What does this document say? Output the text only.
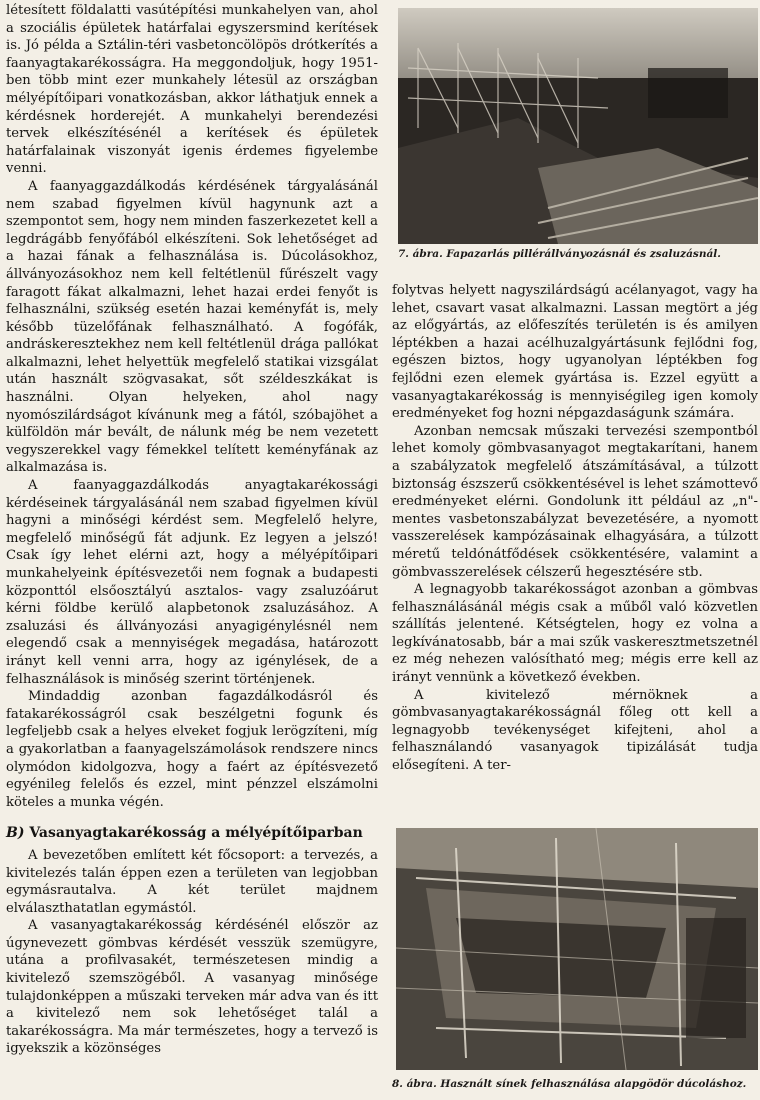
létesített földalatti vasútépítési munkahelyen van, ahol a szociális épületek határfalai egyszersmind kerítések is. Jó példa a Sztálin-téri vasbetoncölöpös drótkerítés a faanyagtakarékosságra. Ha meggondoljuk, hogy 1951-ben több mint ezer munkahely létesül az országban mélyépítőipari vonatkozásban, akkor láthatjuk ennek a kérdésnek horderejét. A munkahelyi berendezési tervek elkészítésénél a kerítések és épületek határfalainak viszonyát igenis érdemes figyelembe venni.

A faanyaggazdálkodás kérdésének tárgyalásánál nem szabad figyelmen kívül hagynunk azt a szempontot sem, hogy nem minden faszerkezetet kell a legdrágább fenyőfából elkészíteni. Sok lehetőséget ad a hazai fának a felhasználása is. Dúcolásokhoz, állványozásokhoz nem kell feltétlenül fűrészelt vagy faragott fákat alkalmazni, lehet hazai erdei fenyőt is felhasználni, szükség esetén hazai keményfát is, mely később tüzelőfának felhasználható. A fogófák, andráskeresztekhez nem kell feltétlenül drága pallókat alkalmazni, lehet helyettük megfelelő statikai vizsgálat után használt szögvasakat, sőt széldeszkákat is használni. Olyan helyeken, ahol nagy nyomószilárdságot kívánunk meg a fától, szóbajöhet a külföldön már bevált, de nálunk még be nem vezetett vegyszerekkel vagy fémekkel telített keményfának az alkalmazása is.

A faanyaggazdálkodás anyagtakarékossági kérdéseinek tárgyalásánál nem szabad figyelmen kívül hagyni a minőségi kérdést sem. Megfelelő helyre, megfelelő minőségű fát adjunk. Ez legyen a jelszó! Csak így lehet elérni azt, hogy a mélyépítőipari munkahelyeink építésvezetői nem fognak a budapesti központtól elsőosztályú asztalos- vagy zsaluzóárut kérni földbe kerülő alapbetonok zsaluzásához. A zsaluzási és állványozási anyagigénylésnél nem elegendő csak a mennyiségek megadása, határozott irányt kell venni arra, hogy az igénylések, de a felhasználások is minőség szerint történjenek.

Mindaddig azonban fagazdálkodásról és fatakarékosságról csak beszélgetni fogunk és legfeljebb csak a helyes elveket fogjuk lerögzíteni, míg a gyakorlatban a faanyagelszámolások rendszere nincs olymódon kidolgozva, hogy a faért az építésvezető egyénileg felelős és ezzel, mint pénzzel elszámolni köteles a munka végén.

B) Vasanyagtakarékosság a mélyépítőiparban

A bevezetőben említett két főcsoport: a tervezés, a kivitelezés talán éppen ezen a területen van legjobban egymásrautalva. A két terület majdnem elválaszthatatlan egymástól.

A vasanyagtakarékosság kérdésénél először az úgynevezett gömbvas kérdését vesszük szemügyre, utána a profilvasakét, természetesen mindig a kivitelező szemszögéből. A vasanyag minősége tulajdonképpen a műszaki terveken már adva van és itt a kivitelező nem sok lehetőséget talál a takarékosságra. Ma már természetes, hogy a tervező is igyekszik a közönséges

7. ábra. Fapazarlás pillérállványozásnál és zsaluzásnál.

folytvas helyett nagyszilárdságú acélanyagot, vagy ha lehet, csavart vasat alkalmazni. Lassan megtört a jég az előgyártás, az előfeszítés területén is és amilyen léptékben a hazai acélhuzalgyártásunk fejlődni fog, egészen biztos, hogy ugyanolyan léptékben fog fejlődni ezen elemek gyártása is. Ezzel együtt a vasanyagtakarékosság is mennyiségileg igen komoly eredményeket fog hozni népgazdaságunk számára.

Azonban nemcsak műszaki tervezési szempontból lehet komoly gömbvasanyagot megtakarítani, hanem a szabályzatok megfelelő átszámításával, a túlzott biztonság észszerű csökkentésével is lehet számottevő eredményeket elérni. Gondolunk itt például az „n"-mentes vasbetonszabályzat bevezetésére, a nyomott vasszerelések kampózásainak elhagyására, a túlzott méretű teldónátfődések csökkentésére, valamint a gömbvasszerelések célszerű hegesztésére stb.

A legnagyobb takarékosságot azonban a gömbvas felhasználásánál mégis csak a műből való közvetlen szállítás jelentené. Kétségtelen, hogy ez volna a legkívánatosabb, bár a mai szűk vaskeresztmetszetnél ez még nehezen valósítható meg; mégis erre kell az irányt vennünk a következő években.

A kivitelező mérnöknek a gömbvasanyagtakarékosságnál főleg ott kell a legnagyobb tevékenységet kifejteni, ahol a felhasználandó vasanyagok tipizálását tudja elősegíteni. A ter-

8. ábra. Használt sínek felhasználása alapgödör dúcoláshoz.
